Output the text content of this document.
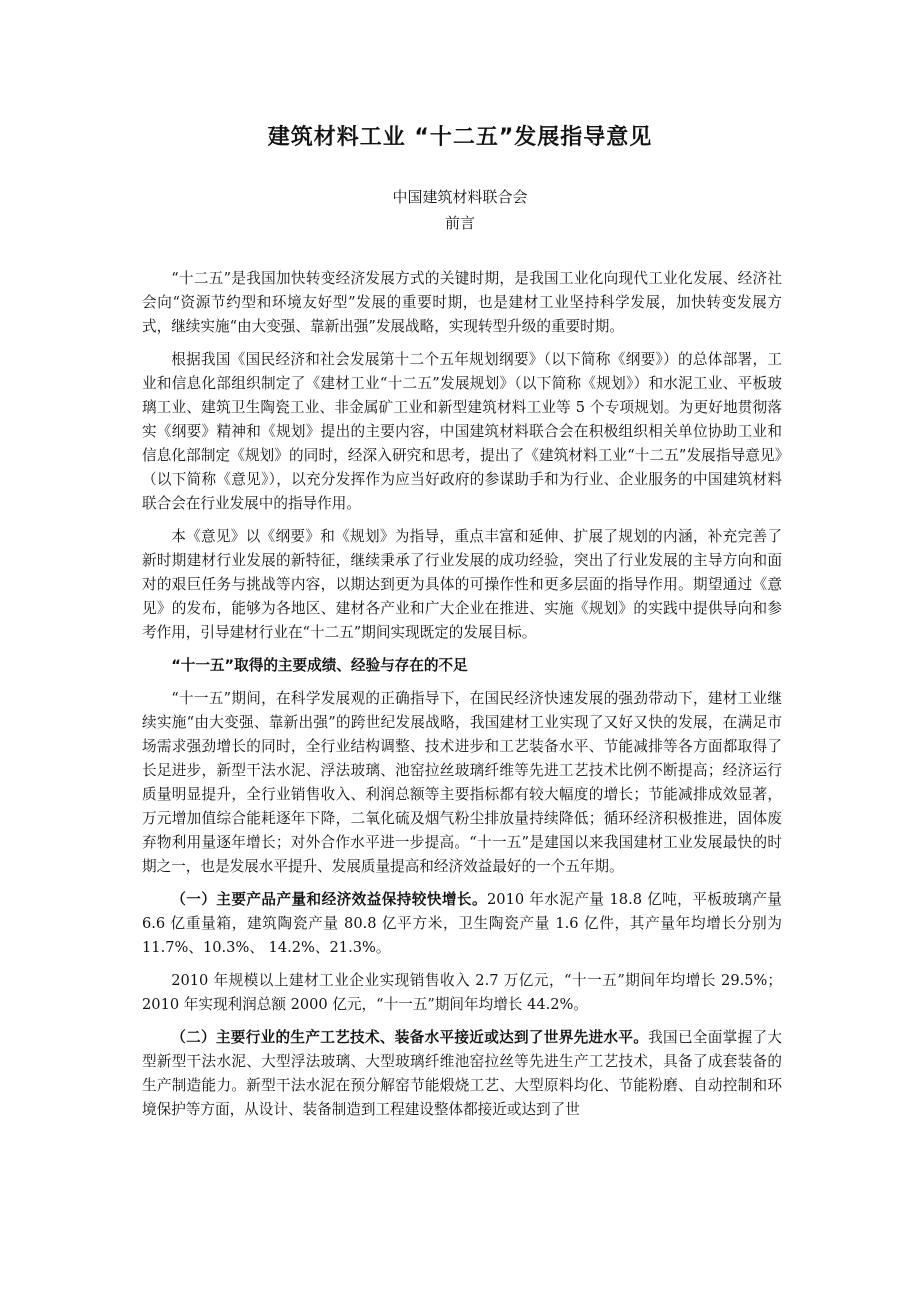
建筑材料工业 “十二五”发展指导意见
中国建筑材料联合会
前言

“十二五”是我国加快转变经济发展方式的关键时期，是我国工业化向现代工业化发展、经济社会向“资源节约型和环境友好型”发展的重要时期，也是建材工业坚持科学发展，加快转变发展方式，继续实施“由大变强、靠新出强”发展战略，实现转型升级的重要时期。

根据我国《国民经济和社会发展第十二个五年规划纲要》（以下简称《纲要》）的总体部署，工业和信息化部组织制定了《建材工业“十二五”发展规划》（以下简称《规划》）和水泥工业、平板玻璃工业、建筑卫生陶瓷工业、非金属矿工业和新型建筑材料工业等 5 个专项规划。为更好地贯彻落实《纲要》精神和《规划》提出的主要内容，中国建筑材料联合会在积极组织相关单位协助工业和信息化部制定《规划》的同时，经深入研究和思考，提出了《建筑材料工业“十二五”发展指导意见》（以下简称《意见》），以充分发挥作为应当好政府的参谋助手和为行业、企业服务的中国建筑材料联合会在行业发展中的指导作用。

本《意见》以《纲要》和《规划》为指导，重点丰富和延伸、扩展了规划的内涵，补充完善了新时期建材行业发展的新特征，继续秉承了行业发展的成功经验，突出了行业发展的主导方向和面对的艰巨任务与挑战等内容，以期达到更为具体的可操作性和更多层面的指导作用。期望通过《意见》的发布，能够为各地区、建材各产业和广大企业在推进、实施《规划》的实践中提供导向和参考作用，引导建材行业在“十二五”期间实现既定的发展目标。

“十一五”取得的主要成绩、经验与存在的不足

“十一五”期间，在科学发展观的正确指导下，在国民经济快速发展的强劲带动下，建材工业继续实施“由大变强、靠新出强”的跨世纪发展战略，我国建材工业实现了又好又快的发展，在满足市场需求强劲增长的同时，全行业结构调整、技术进步和工艺装备水平、节能减排等各方面都取得了长足进步，新型干法水泥、浮法玻璃、池窑拉丝玻璃纤维等先进工艺技术比例不断提高；经济运行质量明显提升，全行业销售收入、利润总额等主要指标都有较大幅度的增长；节能减排成效显著，万元增加值综合能耗逐年下降，二氧化硫及烟气粉尘排放量持续降低；循环经济积极推进，固体废弃物利用量逐年增长；对外合作水平进一步提高。“十一五”是建国以来我国建材工业发展最快的时期之一，也是发展水平提升、发展质量提高和经济效益最好的一个五年期。

（一）主要产品产量和经济效益保持较快增长。2010 年水泥产量 18.8 亿吨，平板玻璃产量 6.6 亿重量箱，建筑陶瓷产量 80.8 亿平方米，卫生陶瓷产量 1.6 亿件，其产量年均增长分别为 11.7%、10.3%、 14.2%、21.3%。

2010 年规模以上建材工业企业实现销售收入 2.7 万亿元，“十一五”期间年均增长 29.5%；2010 年实现利润总额 2000 亿元，“十一五”期间年均增长 44.2%。

（二）主要行业的生产工艺技术、装备水平接近或达到了世界先进水平。我国已全面掌握了大型新型干法水泥、大型浮法玻璃、大型玻璃纤维池窑拉丝等先进生产工艺技术，具备了成套装备的生产制造能力。新型干法水泥在预分解窑节能煅烧工艺、大型原料均化、节能粉磨、自动控制和环境保护等方面，从设计、装备制造到工程建设整体都接近或达到了世
